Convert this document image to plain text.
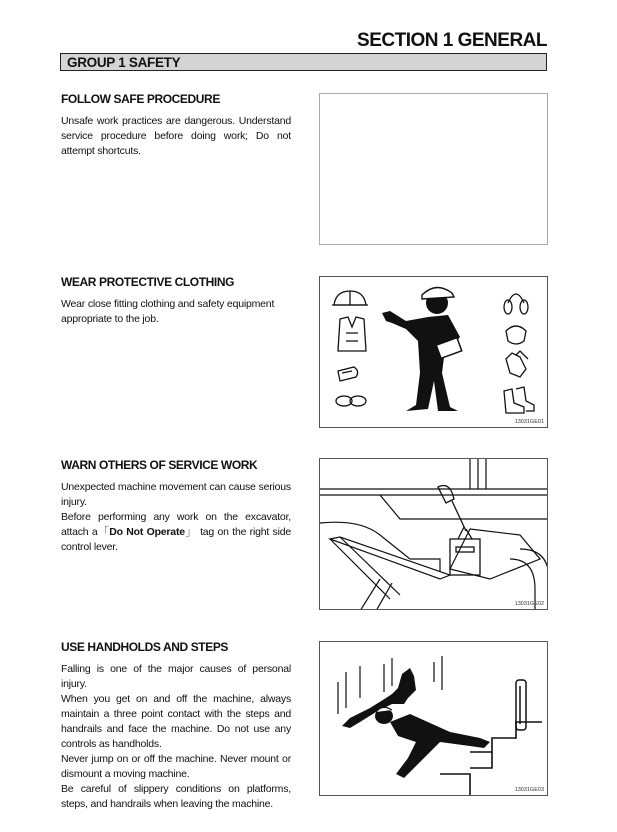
SECTION 1 GENERAL
GROUP 1 SAFETY
FOLLOW SAFE PROCEDURE

Unsafe work practices are dangerous. Understand service procedure before doing work; Do not attempt shortcuts.

WEAR PROTECTIVE CLOTHING

Wear close fitting clothing and safety equipment appropriate to the job.

13031GE01
WARN OTHERS OF SERVICE WORK

Unexpected machine movement can cause serious injury.

Before performing any work on the excavator, attach a「Do Not Operate」 tag on the right side control lever.

13031GE02
USE HANDHOLDS AND STEPS

Falling is one of the major causes of personal injury.

When you get on and off the machine, always maintain a three point contact with the steps and handrails and face the machine. Do not use any controls as handholds.

Never jump on or off the machine. Never mount or dismount a moving machine.

Be careful of slippery conditions on platforms, steps, and handrails when leaving the machine.

13031GE03
